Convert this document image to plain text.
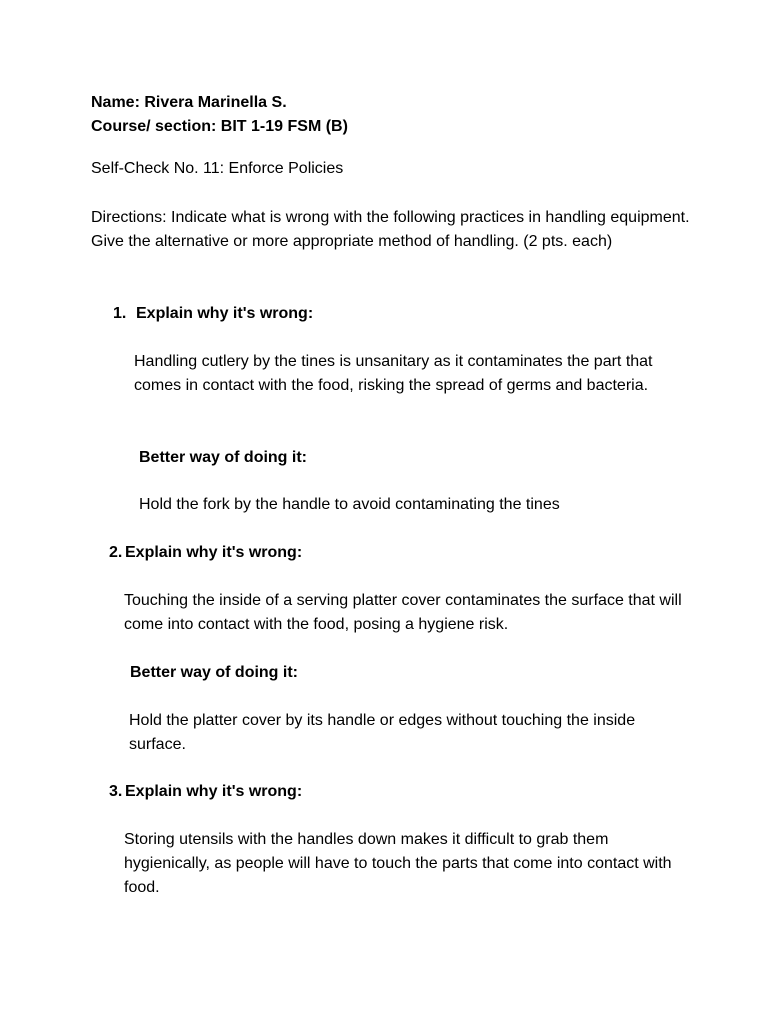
Name: Rivera Marinella S.

Course/ section: BIT 1-19 FSM (B)

Self-Check No. 11: Enforce Policies

Directions: Indicate what is wrong with the following practices in handling equipment. Give the alternative or more appropriate method of handling. (2 pts. each)

1. Explain why it's wrong:

Handling cutlery by the tines is unsanitary as it contaminates the part that comes in contact with the food, risking the spread of germs and bacteria.

Better way of doing it:

Hold the fork by the handle to avoid contaminating the tines

2. Explain why it's wrong:

Touching the inside of a serving platter cover contaminates the surface that will come into contact with the food, posing a hygiene risk.

Better way of doing it:

Hold the platter cover by its handle or edges without touching the inside surface.

3. Explain why it's wrong:

Storing utensils with the handles down makes it difficult to grab them hygienically, as people will have to touch the parts that come into contact with food.
